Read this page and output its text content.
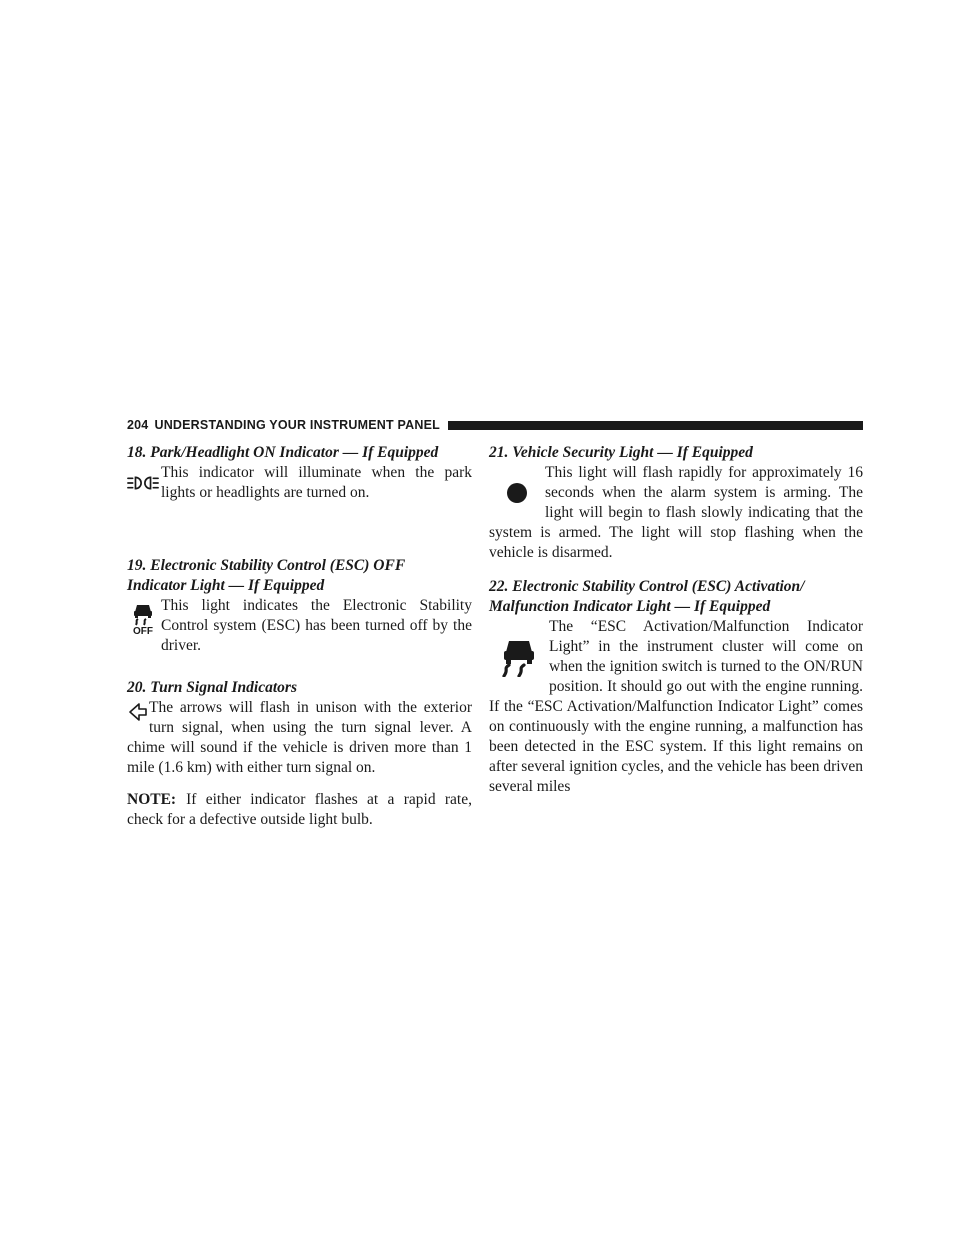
204 UNDERSTANDING YOUR INSTRUMENT PANEL

18. Park/Headlight ON Indicator — If Equipped

This indicator will illuminate when the park lights or headlights are turned on.

19. Electronic Stability Control (ESC) OFF Indicator Light — If Equipped

OFF

This light indicates the Electronic Stability Control system (ESC) has been turned off by the driver.

20. Turn Signal Indicators

The arrows will flash in unison with the exterior turn signal, when using the turn signal lever. A chime will sound if the vehicle is driven more than 1 mile (1.6 km) with either turn signal on.

NOTE: If either indicator flashes at a rapid rate, check for a defective outside light bulb.

21. Vehicle Security Light — If Equipped

This light will flash rapidly for approximately 16 seconds when the alarm system is arming. The light will begin to flash slowly indicating that the system is armed. The light will stop flashing when the vehicle is disarmed.

22. Electronic Stability Control (ESC) Activation/ Malfunction Indicator Light — If Equipped

The “ESC Activation/Malfunction Indicator Light” in the instrument cluster will come on when the ignition switch is turned to the ON/RUN position. It should go out with the engine running. If the “ESC Activation/Malfunction Indicator Light” comes on continuously with the engine running, a malfunction has been detected in the ESC system. If this light remains on after several ignition cycles, and the vehicle has been driven several miles
